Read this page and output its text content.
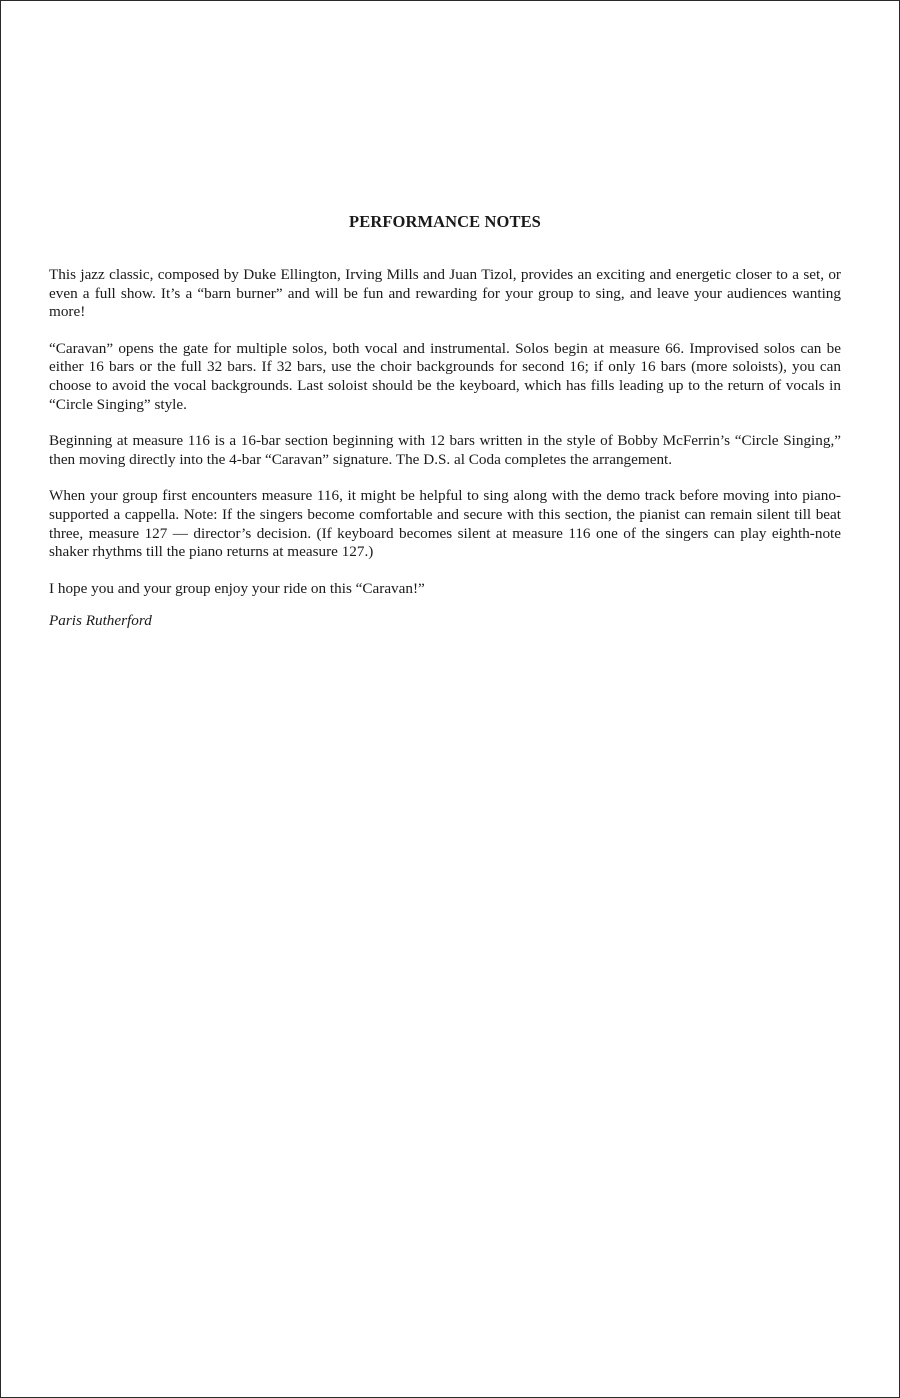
PERFORMANCE NOTES

This jazz classic, composed by Duke Ellington, Irving Mills and Juan Tizol, provides an exciting and energetic closer to a set, or even a full show. It’s a “barn burner” and will be fun and rewarding for your group to sing, and leave your audiences wanting more!

“Caravan” opens the gate for multiple solos, both vocal and instrumental. Solos begin at measure 66. Improvised solos can be either 16 bars or the full 32 bars. If 32 bars, use the choir backgrounds for second 16; if only 16 bars (more soloists), you can choose to avoid the vocal backgrounds. Last soloist should be the keyboard, which has fills leading up to the return of vocals in “Circle Singing” style.

Beginning at measure 116 is a 16-bar section beginning with 12 bars written in the style of Bobby McFerrin’s “Circle Singing,” then moving directly into the 4-bar “Caravan” signature. The D.S. al Coda completes the arrangement.

When your group first encounters measure 116, it might be helpful to sing along with the demo track before moving into piano-supported a cappella. Note: If the singers become comfortable and secure with this section, the pianist can remain silent till beat three, measure 127 — director’s decision. (If keyboard becomes silent at measure 116 one of the singers can play eighth-note shaker rhythms till the piano returns at measure 127.)

I hope you and your group enjoy your ride on this “Caravan!”

Paris Rutherford
